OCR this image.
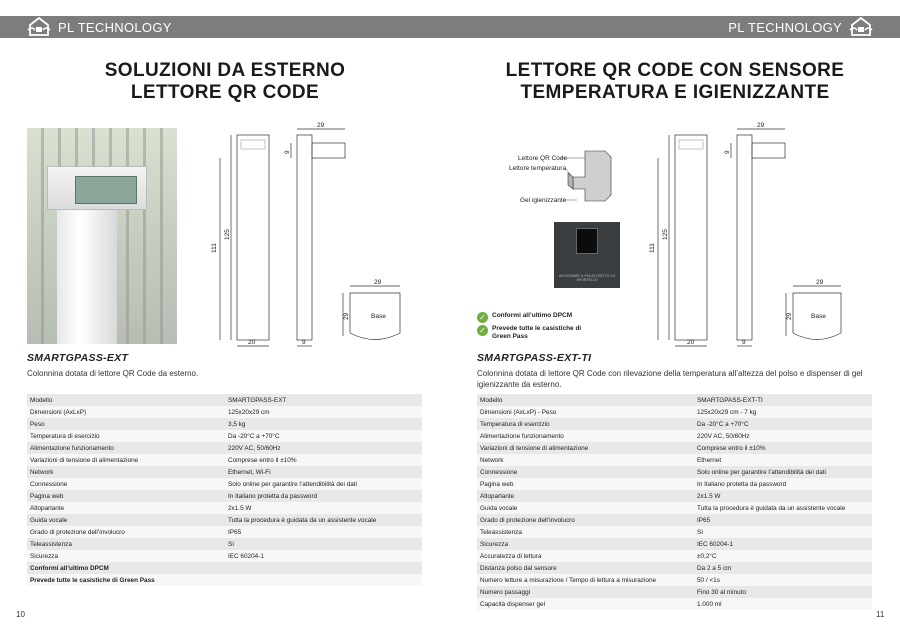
PL TECHNOLOGY	PL TECHNOLOGY
SOLUZIONI DA ESTERNO
LETTORE QR CODE
111
125
20	9
29
9
29
29	Base
SMARTGPASS-EXT
Colonnina dotata di lettore QR Code da esterno.
Modello	SMARTGPASS-EXT
Dimensioni (AxLxP)	125x20x29 cm
Peso	3,5 kg
Temperatura di esercizio	Da -20°C a +70°C
Alimentazione funzionamento	220V AC, 50/60Hz
Variazioni di tensione di alimentazione	Comprese entro il ±10%
Network	Ethernet, Wi-Fi
Connessione	Solo online per garantire l’attendibilità dei dati
Pagina web	In Italiano protetta da password
Altoparlante	2x1.5 W
Guida vocale	Tutta la procedura è guidata da un assistente vocale
Grado di protezione dell’involucro	IP65
Teleassistenza	Sì
Sicurezza	IEC 60204-1
Conformi all’ultimo DPCM	
Prevede tutte le casistiche di Green Pass	
10
LETTORE QR CODE CON SENSORE
TEMPERATURA E IGIENIZZANTE
Lettore QR Code
Lettore temperatura
Gel igienizzante
AVVICINARE IL POLSO SOTTO LO SPORTELLO
✓ Conformi all’ultimo DPCM
✓ Prevede tutte le casistiche di Green Pass
111
125
20	9
29
9
29
29	Base
SMARTGPASS-EXT-TI
Colonnina dotata di lettore QR Code con rilevazione della temperatura all’altezza del polso e dispenser di gel igienizzante da esterno.
Modello	SMARTGPASS-EXT-TI
Dimensioni (AxLxP) - Peso	125x20x29 cm - 7 kg
Temperatura di esercizio	Da -20°C a +70°C
Alimentazione funzionamento	220V AC, 50/60Hz
Variazioni di tensione di alimentazione	Comprese entro il ±10%
Network	Ethernet
Connessione	Solo online per garantire l’attendibilità dei dati
Pagina web	In Italiano protetta da password
Altoparlante	2x1.5 W
Guida vocale	Tutta la procedura è guidata da un assistente vocale
Grado di protezione dell’involucro	IP65
Teleassistenza	Sì
Sicurezza	IEC 60204-1
Accuratezza di lettura	±0,2°C
Distanza polso dal sensore	Da 2 a 5 cm
Numero letture a misurazione / Tempo di lettura a misurazione	50 / <1s
Numero passaggi	Fino 30 al minuto
Capacità dispenser gel	1.000 ml
11
